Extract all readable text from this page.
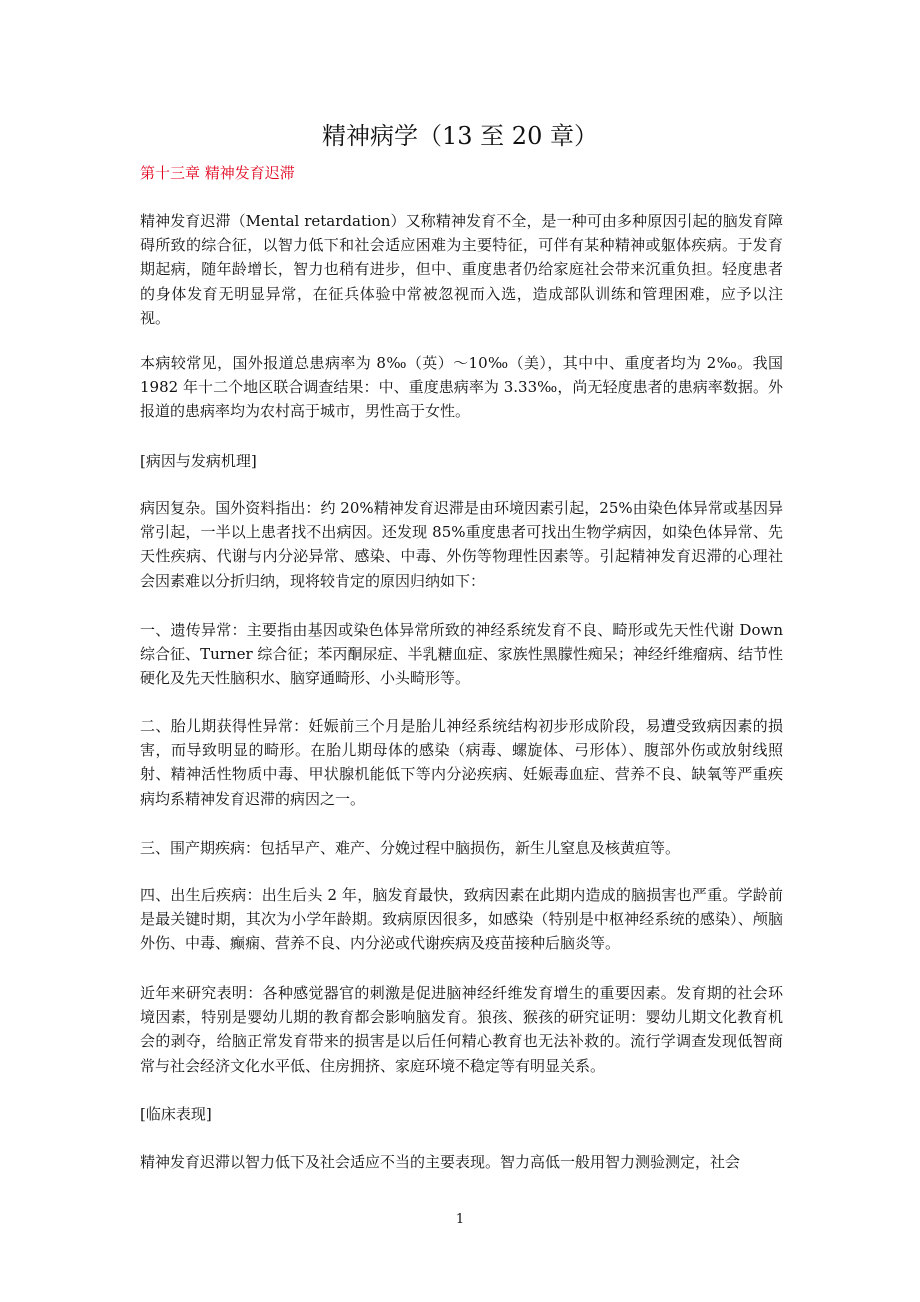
精神病学（13 至 20 章）
第十三章 精神发育迟滞

精神发育迟滞（Mental retardation）又称精神发育不全，是一种可由多种原因引起的脑发育障碍所致的综合征，以智力低下和社会适应困难为主要特征，可伴有某种精神或躯体疾病。于发育期起病，随年龄增长，智力也稍有进步，但中、重度患者仍给家庭社会带来沉重负担。轻度患者的身体发育无明显异常，在征兵体验中常被忽视而入选，造成部队训练和管理困难，应予以注视。

本病较常见，国外报道总患病率为 8‰（英）～10‰（美），其中中、重度者均为 2‰。我国 1982 年十二个地区联合调查结果：中、重度患病率为 3.33‰，尚无轻度患者的患病率数据。外报道的患病率均为农村高于城市，男性高于女性。

[病因与发病机理]

病因复杂。国外资料指出：约 20%精神发育迟滞是由环境因素引起，25%由染色体异常或基因异常引起，一半以上患者找不出病因。还发现 85%重度患者可找出生物学病因，如染色体异常、先天性疾病、代谢与内分泌异常、感染、中毒、外伤等物理性因素等。引起精神发育迟滞的心理社会因素难以分折归纳，现将较肯定的原因归纳如下：

一、遗传异常：主要指由基因或染色体异常所致的神经系统发育不良、畸形或先天性代谢 Down 综合征、Turner 综合征；苯丙酮尿症、半乳糖血症、家族性黑朦性痴呆；神经纤维瘤病、结节性硬化及先天性脑积水、脑穿通畸形、小头畸形等。

二、胎儿期获得性异常：妊娠前三个月是胎儿神经系统结构初步形成阶段，易遭受致病因素的损害，而导致明显的畸形。在胎儿期母体的感染（病毒、螺旋体、弓形体）、腹部外伤或放射线照射、精神活性物质中毒、甲状腺机能低下等内分泌疾病、妊娠毒血症、营养不良、缺氧等严重疾病均系精神发育迟滞的病因之一。

三、围产期疾病：包括早产、难产、分娩过程中脑损伤，新生儿窒息及核黄疸等。

四、出生后疾病：出生后头 2 年，脑发育最快，致病因素在此期内造成的脑损害也严重。学龄前是最关键时期，其次为小学年龄期。致病原因很多，如感染（特别是中枢神经系统的感染）、颅脑外伤、中毒、癫痫、营养不良、内分泌或代谢疾病及疫苗接种后脑炎等。

近年来研究表明：各种感觉器官的刺激是促进脑神经纤维发育增生的重要因素。发育期的社会环境因素，特别是婴幼儿期的教育都会影响脑发育。狼孩、猴孩的研究证明：婴幼儿期文化教育机会的剥夺，给脑正常发育带来的损害是以后任何精心教育也无法补救的。流行学调查发现低智商常与社会经济文化水平低、住房拥挤、家庭环境不稳定等有明显关系。

[临床表现]

精神发育迟滞以智力低下及社会适应不当的主要表现。智力高低一般用智力测验测定，社会

1
